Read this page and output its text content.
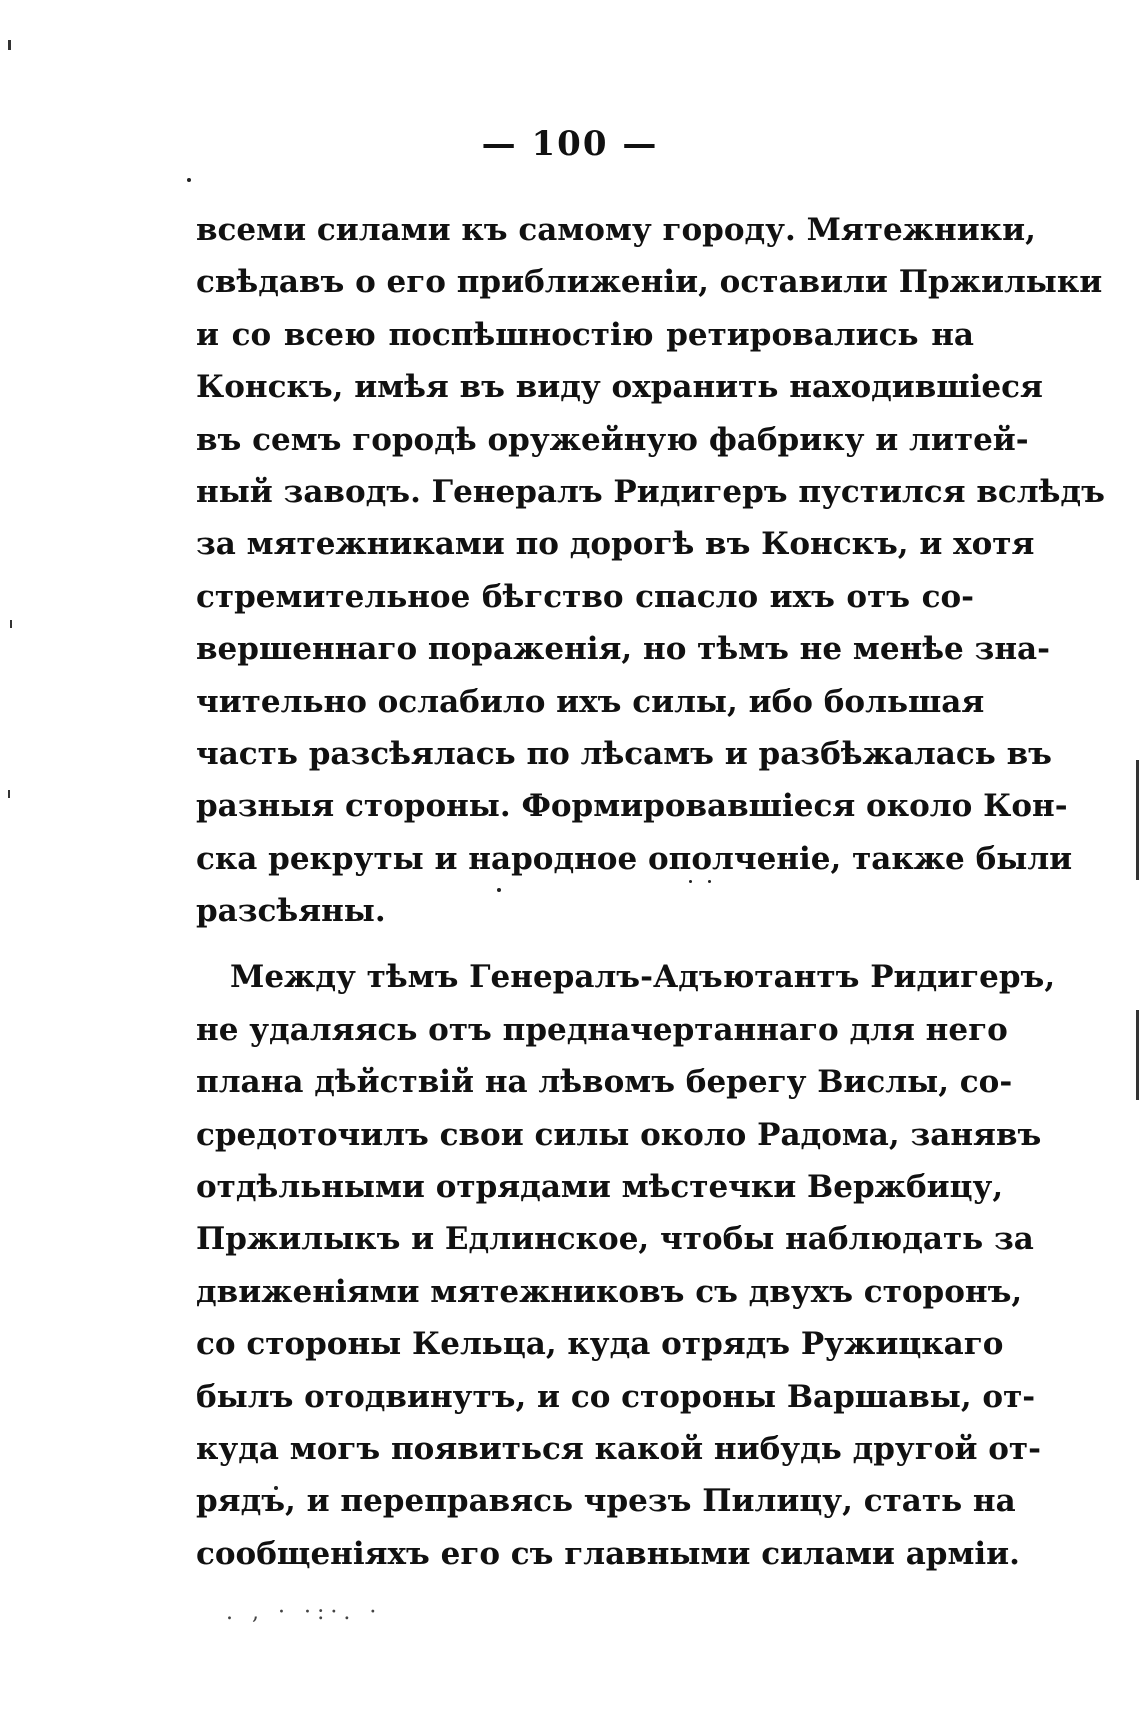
— 100 —
всеми силами къ самому городу. Мятежники,
свѣдавъ о его приближеніи, оставили Пржилыки
и со всею поспѣшностію ретировались на
Конскъ, имѣя въ виду охранить находившіеся
въ семъ городѣ оружейную фабрику и литей-
ный заводъ. Генералъ Ридигеръ пустился вслѣдъ
за мятежниками по дорогѣ въ Конскъ, и хотя
стремительное бѣгство спасло ихъ отъ со-
вершеннаго пораженія, но тѣмъ не менѣе зна-
чительно ослабило ихъ силы, ибо большая
часть разсѣялась по лѣсамъ и разбѣжалась въ
разныя стороны. Формировавшіеся около Кон-
ска рекруты и народное ополченіе, также были
разсѣяны.
Между тѣмъ Генералъ-Адъютантъ Ридигеръ,
не удаляясь отъ предначертаннаго для него
плана дѣйствій на лѣвомъ берегу Вислы, со-
средоточилъ свои силы около Радома, занявъ
отдѣльными отрядами мѣстечки Вержбицу,
Пржилыкъ и Едлинское, чтобы наблюдать за
движеніями мятежниковъ съ двухъ сторонъ,
со стороны Кельца, куда отрядъ Ружицкаго
былъ отодвинутъ, и со стороны Варшавы, от-
куда могъ появиться какой нибудь другой от-
рядъ, и переправясь чрезъ Пилицу, стать на
сообщеніяхъ его съ главными силами арміи.
. , · ·:·. ·
